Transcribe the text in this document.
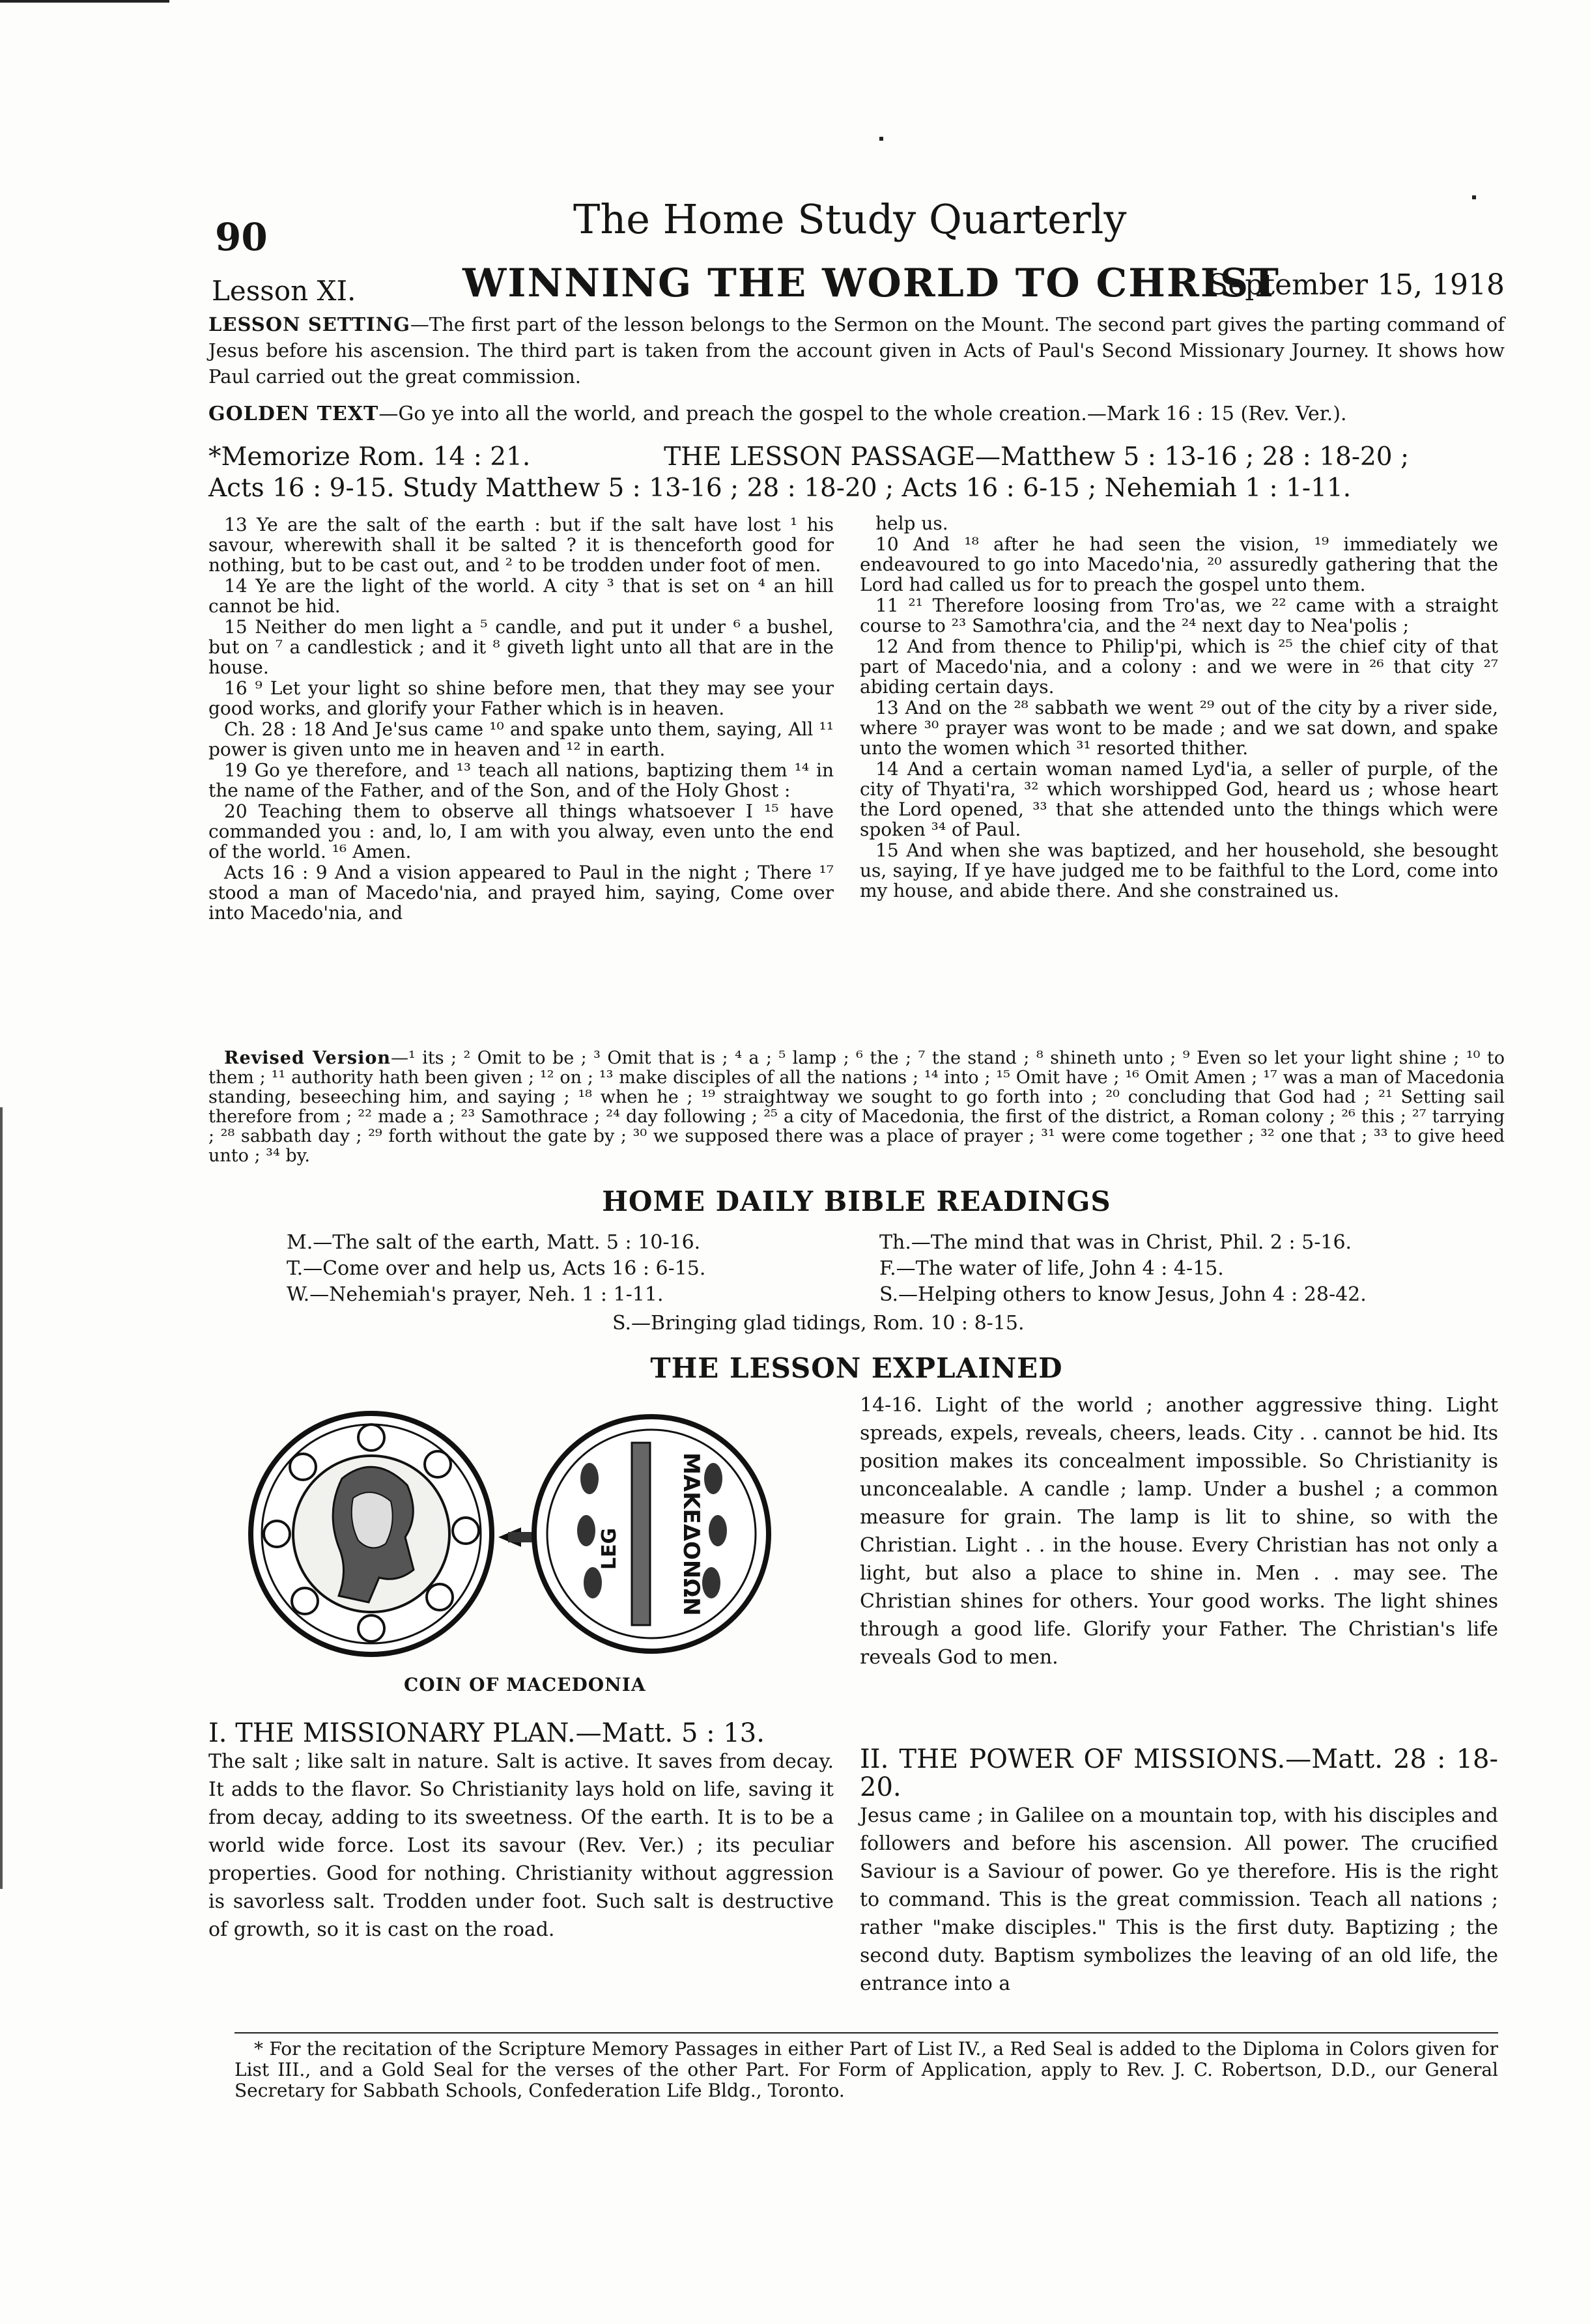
90	The Home Study Quarterly
Lesson XI.	WINNING THE WORLD TO CHRIST
September 15, 1918
LESSON SETTING—The first part of the lesson belongs to the Sermon on the Mount. The second part gives the parting command of Jesus before his ascension. The third part is taken from the account given in Acts of Paul's Second Missionary Journey. It shows how Paul carried out the great commission.
GOLDEN TEXT—Go ye into all the world, and preach the gospel to the whole creation.—Mark 16 : 15 (Rev. Ver.).
*Memorize Rom. 14 : 21.	THE LESSON PASSAGE—Matthew 5 : 13-16 ; 28 : 18-20 ;
Acts 16 : 9-15. Study Matthew 5 : 13-16 ; 28 : 18-20 ; Acts 16 : 6-15 ; Nehemiah 1 : 1-11.

13 Ye are the salt of the earth : but if the salt have lost ¹ his savour, wherewith shall it be salted ? it is thenceforth good for nothing, but to be cast out, and ² to be trodden under foot of men.

14 Ye are the light of the world. A city ³ that is set on ⁴ an hill cannot be hid.

15 Neither do men light a ⁵ candle, and put it under ⁶ a bushel, but on ⁷ a candlestick ; and it ⁸ giveth light unto all that are in the house.

16 ⁹ Let your light so shine before men, that they may see your good works, and glorify your Father which is in heaven.

Ch. 28 : 18 And Je'sus came ¹⁰ and spake unto them, saying, All ¹¹ power is given unto me in heaven and ¹² in earth.

19 Go ye therefore, and ¹³ teach all nations, baptizing them ¹⁴ in the name of the Father, and of the Son, and of the Holy Ghost :

20 Teaching them to observe all things whatsoever I ¹⁵ have commanded you : and, lo, I am with you alway, even unto the end of the world. ¹⁶ Amen.

Acts 16 : 9 And a vision appeared to Paul in the night ; There ¹⁷ stood a man of Macedo'nia, and prayed him, saying, Come over into Macedo'nia, and

help us.

10 And ¹⁸ after he had seen the vision, ¹⁹ immediately we endeavoured to go into Macedo'nia, ²⁰ assuredly gathering that the Lord had called us for to preach the gospel unto them.

11 ²¹ Therefore loosing from Tro'as, we ²² came with a straight course to ²³ Samothra'cia, and the ²⁴ next day to Nea'polis ;

12 And from thence to Philip'pi, which is ²⁵ the chief city of that part of Macedo'nia, and a colony : and we were in ²⁶ that city ²⁷ abiding certain days.

13 And on the ²⁸ sabbath we went ²⁹ out of the city by a river side, where ³⁰ prayer was wont to be made ; and we sat down, and spake unto the women which ³¹ resorted thither.

14 And a certain woman named Lyd'ia, a seller of purple, of the city of Thyati'ra, ³² which worshipped God, heard us ; whose heart the Lord opened, ³³ that she attended unto the things which were spoken ³⁴ of Paul.

15 And when she was baptized, and her household, she besought us, saying, If ye have judged me to be faithful to the Lord, come into my house, and abide there. And she constrained us.

Revised Version—¹ its ; ² Omit to be ; ³ Omit that is ; ⁴ a ; ⁵ lamp ; ⁶ the ; ⁷ the stand ; ⁸ shineth unto ; ⁹ Even so let your light shine ; ¹⁰ to them ; ¹¹ authority hath been given ; ¹² on ; ¹³ make disciples of all the nations ; ¹⁴ into ; ¹⁵ Omit have ; ¹⁶ Omit Amen ; ¹⁷ was a man of Macedonia standing, beseeching him, and saying ; ¹⁸ when he ; ¹⁹ straightway we sought to go forth into ; ²⁰ concluding that God had ; ²¹ Setting sail therefore from ; ²² made a ; ²³ Samothrace ; ²⁴ day following ; ²⁵ a city of Macedonia, the first of the district, a Roman colony ; ²⁶ this ; ²⁷ tarrying ; ²⁸ sabbath day ; ²⁹ forth without the gate by ; ³⁰ we supposed there was a place of prayer ; ³¹ were come together ; ³² one that ; ³³ to give heed unto ; ³⁴ by.
HOME DAILY BIBLE READINGS
M.—The salt of the earth, Matt. 5 : 10-16.
T.—Come over and help us, Acts 16 : 6-15.
W.—Nehemiah's prayer, Neh. 1 : 1-11.
Th.—The mind that was in Christ, Phil. 2 : 5-16.
F.—The water of life, John 4 : 4-15.
S.—Helping others to know Jesus, John 4 : 28-42.
S.—Bringing glad tidings, Rom. 10 : 8-15.
THE LESSON EXPLAINED
MAKEΔONΩN
LEG
COIN OF MACEDONIA
14-16. Light of the world ; another aggressive thing. Light spreads, expels, reveals, cheers, leads. City . . cannot be hid. Its position makes its concealment impossible. So Christianity is unconcealable. A candle ; lamp. Under a bushel ; a common measure for grain. The lamp is lit to shine, so with the Christian. Light . . in the house. Every Christian has not only a light, but also a place to shine in. Men . . may see. The Christian shines for others. Your good works. The light shines through a good life. Glorify your Father. The Christian's life reveals God to men.
I. THE MISSIONARY PLAN.—Matt. 5 : 13.
The salt ; like salt in nature. Salt is active. It saves from decay. It adds to the flavor. So Christianity lays hold on life, saving it from decay, adding to its sweetness. Of the earth. It is to be a world wide force. Lost its savour (Rev. Ver.) ; its peculiar properties. Good for nothing. Christianity without aggression is savorless salt. Trodden under foot. Such salt is destructive of growth, so it is cast on the road.
II. THE POWER OF MISSIONS.—Matt. 28 : 18-20.
Jesus came ; in Galilee on a mountain top, with his disciples and followers and before his ascension. All power. The crucified Saviour is a Saviour of power. Go ye therefore. His is the right to command. This is the great commission. Teach all nations ; rather "make disciples." This is the first duty. Baptizing ; the second duty. Baptism symbolizes the leaving of an old life, the entrance into a
* For the recitation of the Scripture Memory Passages in either Part of List IV., a Red Seal is added to the Diploma in Colors given for List III., and a Gold Seal for the verses of the other Part. For Form of Application, apply to Rev. J. C. Robertson, D.D., our General Secretary for Sabbath Schools, Confederation Life Bldg., Toronto.
